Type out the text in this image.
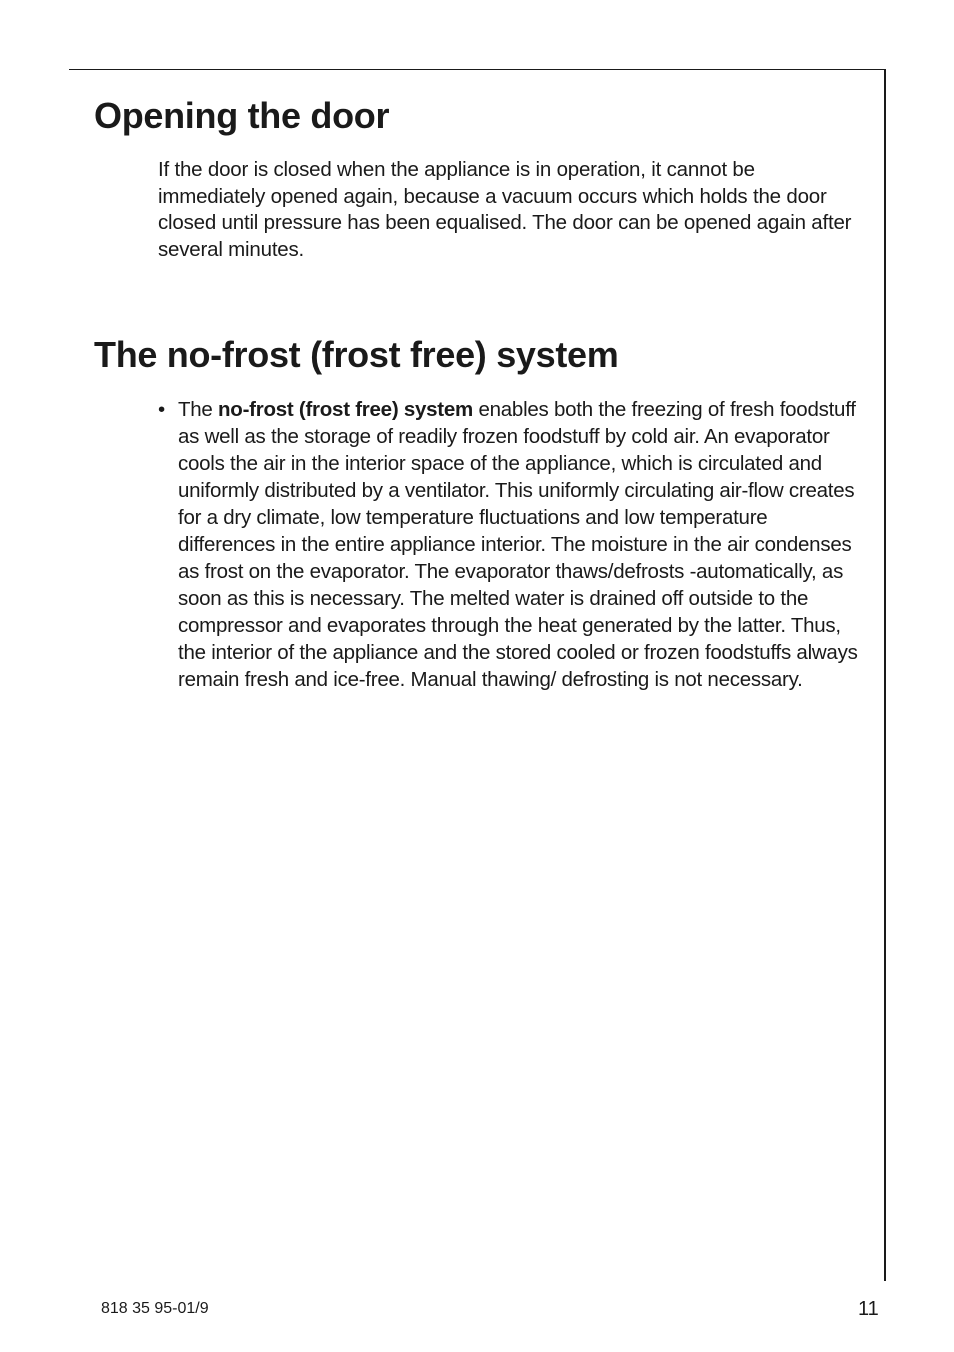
Opening the door

If the door is closed when the appliance is in operation, it cannot be immediately opened again, because a vacuum occurs which holds the door closed until pressure has been equalised. The door can be opened again after several minutes.

The no-frost (frost free) system
• The no-frost (frost free) system enables both the freezing of fresh foodstuff as well as the storage of readily frozen foodstuff by cold air. An evaporator cools the air in the interior space of the appliance, which is circulated and uniformly distributed by a ventilator. This uniformly circulating air-flow creates for a dry climate, low temperature fluctuations and low temperature differences in the entire appliance interior. The moisture in the air condenses as frost on the evaporator. The evaporator thaws/defrosts -automatically, as soon as this is necessary. The melted water is drained off outside to the compressor and evaporates through the heat generated by the latter. Thus, the interior of the appliance and the stored cooled or frozen foodstuffs always remain fresh and ice-free. Manual thawing/ defrosting is not necessary.

818 35 95-01/9	11
